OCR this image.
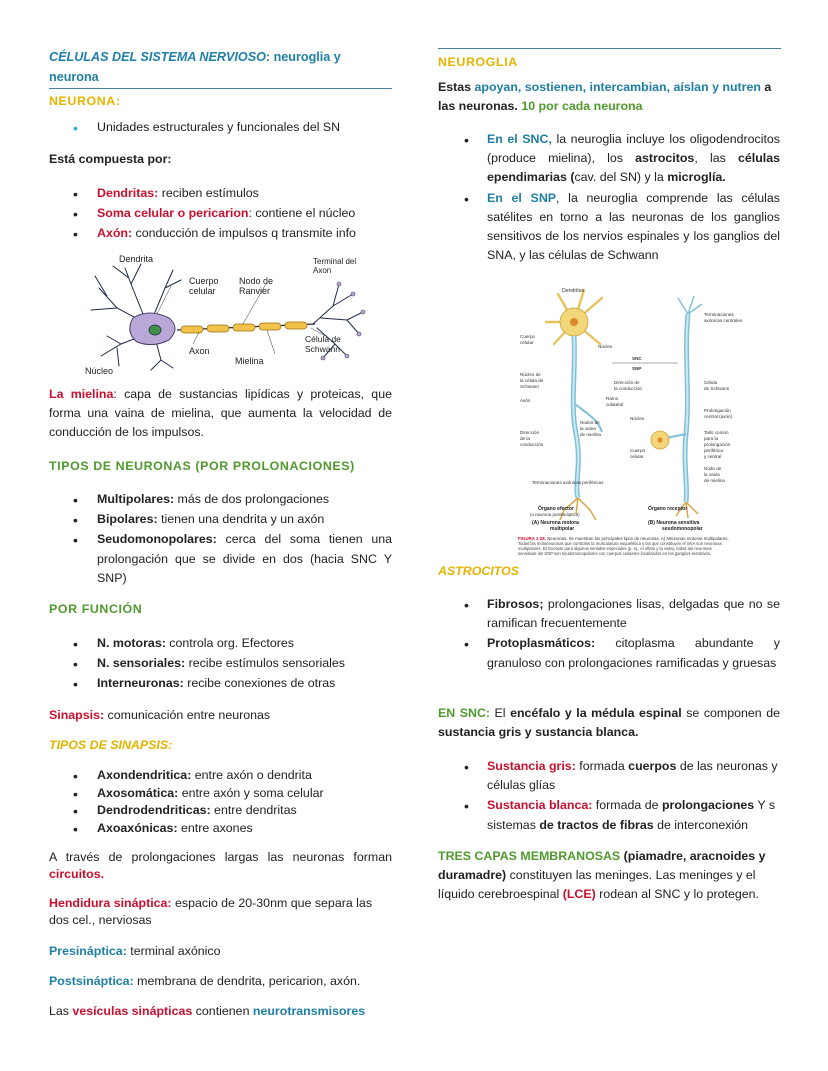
CÉLULAS DEL SISTEMA NERVIOSO: neuroglia y neurona
NEURONA:
• Unidades estructurales y funcionales del SN
Está compuesta por:
• Dendritas: reciben estímulos
• Soma celular o pericarion: contiene el núcleo
• Axón: conducción de impulsos q transmite info
Dendrita
Cuerpo
celular
Nodo de
Ranvier
Terminal del
Axon
Axon
Mielina
Célula de
Schwann
Núcleo
La mielina: capa de sustancias lipídicas y proteicas, que forma una vaina de mielina, que aumenta la velocidad de conducción de los impulsos.
TIPOS DE NEURONAS (POR PROLONACIONES)
• Multipolares: más de dos prolongaciones
• Bipolares: tienen una dendrita y un axón
• Seudomonopolares: cerca del soma tienen una prolongación que se divide en dos (hacia SNC Y SNP)
POR FUNCIÓN
• N. motoras: controla org. Efectores
• N. sensoriales: recibe estímulos sensoriales
• Interneuronas: recibe conexiones de otras
Sinapsis: comunicación entre neuronas
TIPOS DE SINAPSIS:
• Axondendritica: entre axón o dendrita
• Axosomática: entre axón y soma celular
• Dendrodendriticas: entre dendritas
• Axoaxónicas: entre axones
A través de prolongaciones largas las neuronas forman circuitos.
Hendidura sináptica: espacio de 20-30nm que separa las dos cel., nerviosas
Presináptica: terminal axónico
Postsináptica: membrana de dendrita, pericarion, axón.
Las vesículas sinápticas contienen neurotransmisores
NEUROGLIA
Estas apoyan, sostienen, intercambian, aíslan y nutren a las neuronas. 10 por cada neurona
• En el SNC, la neuroglia incluye los oligodendrocitos (produce mielina), los astrocitos, las células ependimarias (cav. del SN) y la microglía.
• En el SNP, la neuroglia comprende las células satélites en torno a las neuronas de los ganglios sensitivos de los nervios espinales y los ganglios del SNA, y las células de Schwann
Dendritas
Terminaciones
axónicas centrales
Cuerpo
celular
Núcleo
SNC
SNP
Núcleo de
la célula de
Schwann
Dirección de
la conducción
Célula
de Schwann
Axón	Ramo
colateral
Prolongación
central (axón)
Nodos de
la vaina
de mielina
Núcleo
Dirección
de la
conducción
Cuerpo
celular
Tallo común
para la
prolongación
periférica
y central
Nodo de
la vaina
de mielina
Terminaciones axónicas periféricas
Órgano efector
(o neurona postsináptica)
Órgano receptor
(A) Neurona motora
multipolar
(B) Neurona sensitiva
seudomonopolar
FIGURA 1-28. Neuronas. Se muestran los principales tipos de neuronas. A) Neuronas motoras multipolares.
Todas las motoneuronas que controlan la musculatura esquelética y las que constituyen el SNA son neuronas
multipolares. B) Excepto para algunos sentidos especiales (p. ej., el olfato y la vista), todas las neuronas
sensitivas del SNP son seudomonopolares con cuerpos celulares localizados en los ganglios sensitivos.
ASTROCITOS
• Fibrosos; prolongaciones lisas, delgadas que no se ramifican frecuentemente
• Protoplasmáticos: citoplasma abundante y granuloso con prolongaciones ramificadas y gruesas
EN SNC: El encéfalo y la médula espinal se componen de sustancia gris y sustancia blanca.
• Sustancia gris: formada cuerpos de las neuronas y células glías
• Sustancia blanca: formada de prolongaciones Y s sistemas de tractos de fibras de interconexión
TRES CAPAS MEMBRANOSAS (piamadre, aracnoides y duramadre) constituyen las meninges. Las meninges y el líquido cerebroespinal (LCE) rodean al SNC y lo protegen.
